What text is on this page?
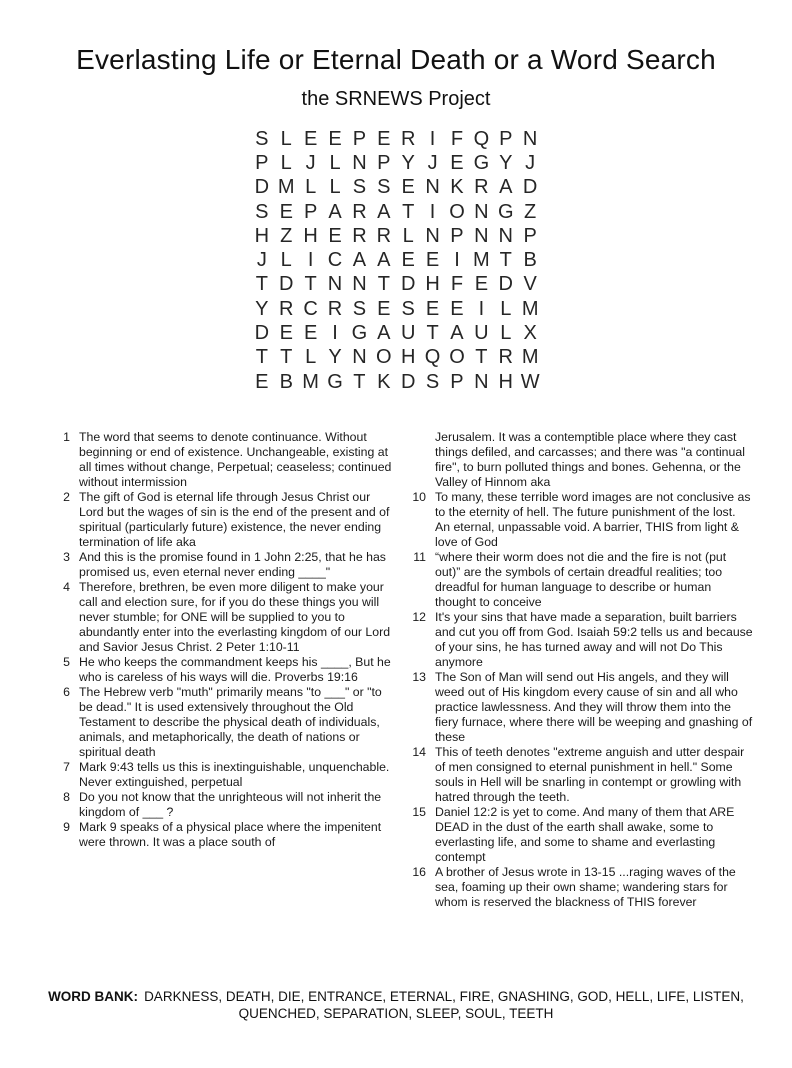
Everlasting Life or Eternal Death or a Word Search
the SRNEWS Project
S L E E P E R I F Q P N
P L J L N P Y J E G Y J
D M L L S S E N K R A D
S E P A R A T I O N G Z
H Z H E R R L N P N N P
J L I C A A E E I M T B
T D T N N T D H F E D V
Y R C R S E S E E I L M
D E E I G A U T A U L X
T T L Y N O H Q O T R M
E B M G T K D S P N H W
1 The word that seems to denote continuance. Without beginning or end of existence. Unchangeable, existing at all times without change, Perpetual; ceaseless; continued without intermission
2 The gift of God is eternal life through Jesus Christ our Lord but the wages of sin is the end of the present and of spiritual (particularly future) existence, the never ending termination of life aka
3 And this is the promise found in 1 John 2:25, that he has promised us, even eternal never ending ____"
4 Therefore, brethren, be even more diligent to make your call and election sure, for if you do these things you will never stumble; for ONE will be supplied to you to abundantly enter into the everlasting kingdom of our Lord and Savior Jesus Christ. 2 Peter 1:10-11
5 He who keeps the commandment keeps his ____, But he who is careless of his ways will die. Proverbs 19:16
6 The Hebrew verb "muth" primarily means "to ___" or "to be dead." It is used extensively throughout the Old Testament to describe the physical death of individuals, animals, and metaphorically, the death of nations or spiritual death
7 Mark 9:43 tells us this is inextinguishable, unquenchable. Never extinguished, perpetual
8 Do you not know that the unrighteous will not inherit the kingdom of ___ ?
9 Mark 9 speaks of a physical place where the impenitent were thrown. It was a place south of
Jerusalem. It was a contemptible place where they cast things defiled, and carcasses; and there was "a continual fire", to burn polluted things and bones. Gehenna, or the Valley of Hinnom aka
10 To many, these terrible word images are not conclusive as to the eternity of hell. The future punishment of the lost. An eternal, unpassable void. A barrier, THIS from light & love of God
11 “where their worm does not die and the fire is not (put out)” are the symbols of certain dreadful realities; too dreadful for human language to describe or human thought to conceive
12 It's your sins that have made a separation, built barriers and cut you off from God. Isaiah 59:2 tells us and because of your sins, he has turned away and will not Do This anymore
13 The Son of Man will send out His angels, and they will weed out of His kingdom every cause of sin and all who practice lawlessness. And they will throw them into the fiery furnace, where there will be weeping and gnashing of these
14 This of teeth denotes "extreme anguish and utter despair of men consigned to eternal punishment in hell." Some souls in Hell will be snarling in contempt or growling with hatred through the teeth.
15 Daniel 12:2 is yet to come. And many of them that ARE DEAD in the dust of the earth shall awake, some to everlasting life, and some to shame and everlasting contempt
16 A brother of Jesus wrote in 13-15 ...raging waves of the sea, foaming up their own shame; wandering stars for whom is reserved the blackness of THIS forever

WORD BANK: DARKNESS, DEATH, DIE, ENTRANCE, ETERNAL, FIRE, GNASHING, GOD, HELL, LIFE, LISTEN, QUENCHED, SEPARATION, SLEEP, SOUL, TEETH
